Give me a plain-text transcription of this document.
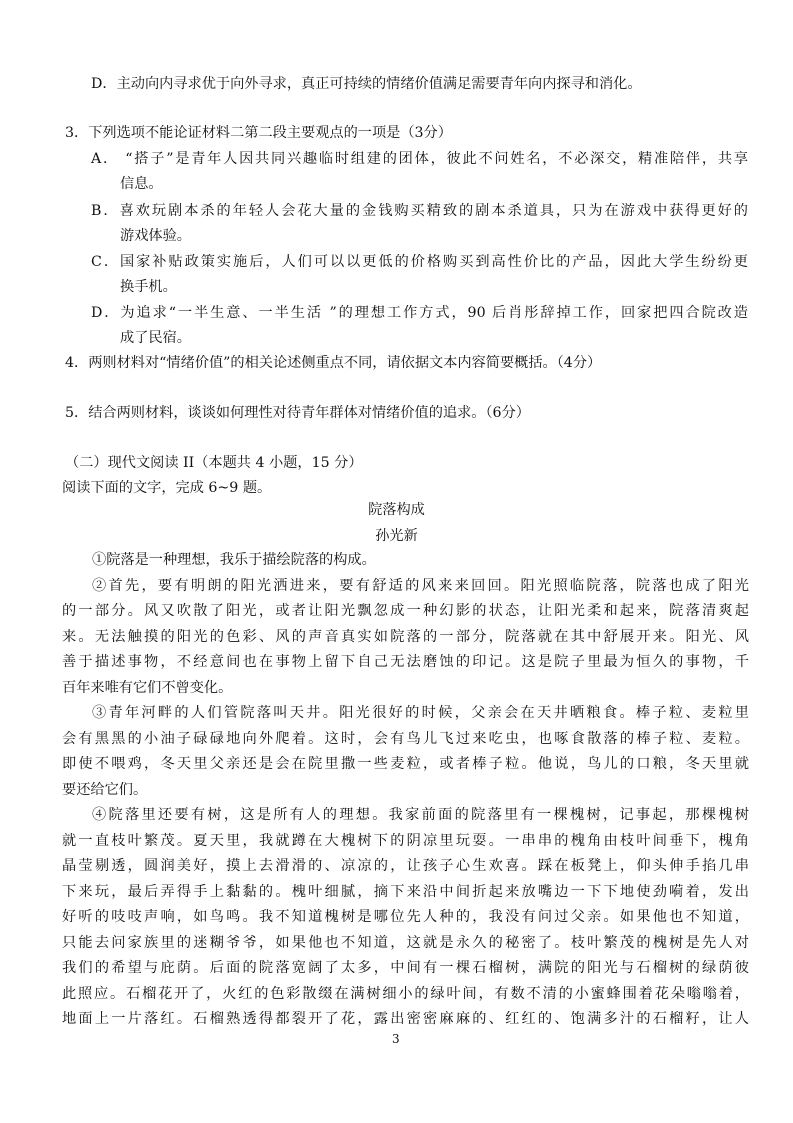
D．主动向内寻求优于向外寻求，真正可持续的情绪价值满足需要青年向内探寻和消化。
3．下列选项不能论证材料二第二段主要观点的一项是（3分）
A． “搭子”是青年人因共同兴趣临时组建的团体，彼此不问姓名，不必深交，精准陪伴，共享
信息。
B．喜欢玩剧本杀的年轻人会花大量的金钱购买精致的剧本杀道具，只为在游戏中获得更好的
游戏体验。
C．国家补贴政策实施后，人们可以以更低的价格购买到高性价比的产品，因此大学生纷纷更
换手机。
D．为追求“一半生意、一半生活 ”的理想工作方式，90 后肖彤辞掉工作，回家把四合院改造
成了民宿。
4．两则材料对“情绪价值”的相关论述侧重点不同，请依据文本内容简要概括。（4分）
5．结合两则材料，谈谈如何理性对待青年群体对情绪价值的追求。（6分）
（二）现代文阅读 II（本题共 4 小题，15 分）
阅读下面的文字，完成 6~9 题。
院落构成
孙光新
①院落是一种理想，我乐于描绘院落的构成。
②首先，要有明朗的阳光洒进来，要有舒适的风来来回回。阳光照临院落，院落也成了阳光
的一部分。风又吹散了阳光，或者让阳光飘忽成一种幻影的状态，让阳光柔和起来，院落清爽起
来。无法触摸的阳光的色彩、风的声音真实如院落的一部分，院落就在其中舒展开来。阳光、风
善于描述事物，不经意间也在事物上留下自己无法磨蚀的印记。这是院子里最为恒久的事物，千
百年来唯有它们不曾变化。
③青年河畔的人们管院落叫天井。阳光很好的时候，父亲会在天井晒粮食。棒子粒、麦粒里
会有黑黑的小油子碌碌地向外爬着。这时，会有鸟儿飞过来吃虫，也啄食散落的棒子粒、麦粒。
即使不喂鸡，冬天里父亲还是会在院里撒一些麦粒，或者棒子粒。他说，鸟儿的口粮，冬天里就
要还给它们。
④院落里还要有树，这是所有人的理想。我家前面的院落里有一棵槐树，记事起，那棵槐树
就一直枝叶繁茂。夏天里，我就蹲在大槐树下的阴凉里玩耍。一串串的槐角由枝叶间垂下，槐角
晶莹剔透，圆润美好，摸上去滑滑的、凉凉的，让孩子心生欢喜。踩在板凳上，仰头伸手掐几串
下来玩，最后弄得手上黏黏的。槐叶细腻，摘下来沿中间折起来放嘴边一下下地使劲嗬着，发出
好听的吱吱声响，如鸟鸣。我不知道槐树是哪位先人种的，我没有问过父亲。如果他也不知道，
只能去问家族里的迷糊爷爷，如果他也不知道，这就是永久的秘密了。枝叶繁茂的槐树是先人对
我们的希望与庇荫。后面的院落宽阔了太多，中间有一棵石榴树，满院的阳光与石榴树的绿荫彼
此照应。石榴花开了，火红的色彩散缀在满树细小的绿叶间，有数不清的小蜜蜂围着花朵嗡嗡着，
地面上一片落红。石榴熟透得都裂开了花，露出密密麻麻的、红红的、饱满多汁的石榴籽，让人
3
